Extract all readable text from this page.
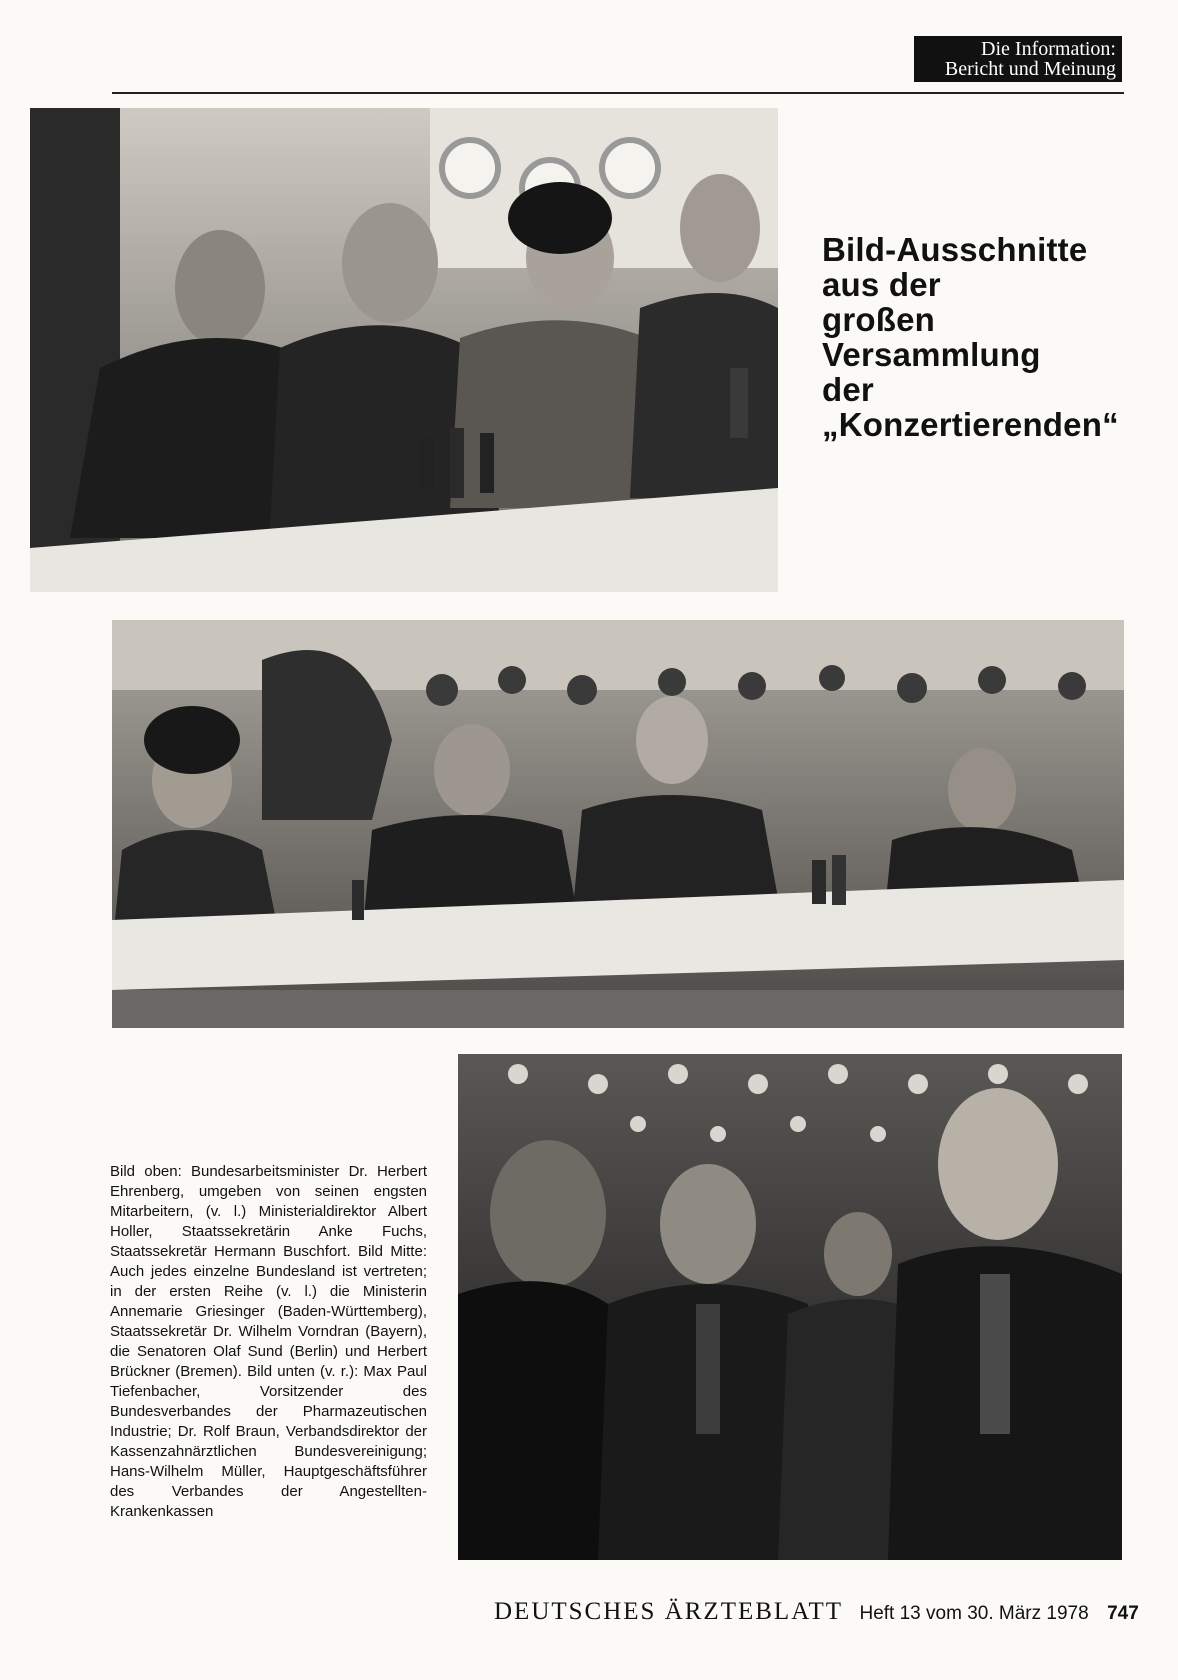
Die Information:
Bericht und Meinung
Bild-Ausschnitte
aus der
großen
Versammlung
der
„Konzertierenden“
Bild oben: Bundesarbeitsminister Dr. Herbert Ehrenberg, umgeben von seinen engsten Mitarbeitern, (v. l.) Ministerialdirektor Albert Holler, Staatssekretärin Anke Fuchs, Staatssekretär Hermann Buschfort. Bild Mitte: Auch jedes einzelne Bundesland ist vertreten; in der ersten Reihe (v. l.) die Ministerin Annemarie Griesinger (Baden-Württemberg), Staatssekretär Dr. Wilhelm Vorndran (Bayern), die Senatoren Olaf Sund (Berlin) und Herbert Brückner (Bremen). Bild unten (v. r.): Max Paul Tiefenbacher, Vorsitzender des Bundesverbandes der Pharmazeutischen Industrie; Dr. Rolf Braun, Verbandsdirektor der Kassenzahnärztlichen Bundesvereinigung; Hans-Wilhelm Müller, Hauptgeschäftsführer des Verbandes der Angestellten-Krankenkassen
DEUTSCHES ÄRZTEBLATT Heft 13 vom 30. März 1978 747
